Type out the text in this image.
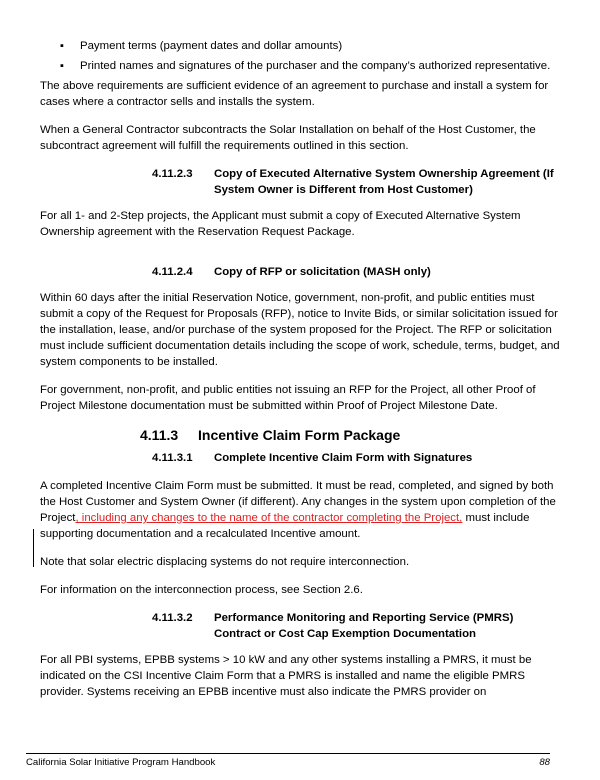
▪ Payment terms (payment dates and dollar amounts)
▪ Printed names and signatures of the purchaser and the company’s authorized representative.

The above requirements are sufficient evidence of an agreement to purchase and install a system for cases where a contractor sells and installs the system.

When a General Contractor subcontracts the Solar Installation on behalf of the Host Customer, the subcontract agreement will fulfill the requirements outlined in this section.

4.11.2.3	Copy of Executed Alternative System Ownership Agreement (If System Owner is Different from Host Customer)

For all 1- and 2-Step projects, the Applicant must submit a copy of Executed Alternative System Ownership agreement with the Reservation Request Package.

4.11.2.4	Copy of RFP or solicitation (MASH only)

Within 60 days after the initial Reservation Notice, government, non-profit, and public entities must submit a copy of the Request for Proposals (RFP), notice to Invite Bids, or similar solicitation issued for the installation, lease, and/or purchase of the system proposed for the Project. The RFP or solicitation must include sufficient documentation details including the scope of work, schedule, terms, budget, and system components to be installed.

For government, non-profit, and public entities not issuing an RFP for the Project, all other Proof of Project Milestone documentation must be submitted within Proof of Project Milestone Date.

4.11.3	Incentive Claim Form Package
4.11.3.1	Complete Incentive Claim Form with Signatures

A completed Incentive Claim Form must be submitted. It must be read, completed, and signed by both the Host Customer and System Owner (if different). Any changes in the system upon completion of the Project, including any changes to the name of the contractor completing the Project, must include supporting documentation and a recalculated Incentive amount.

Note that solar electric displacing systems do not require interconnection.

For information on the interconnection process, see Section 2.6.

4.11.3.2	Performance Monitoring and Reporting Service (PMRS) Contract or Cost Cap Exemption Documentation

For all PBI systems, EPBB systems > 10 kW and any other systems installing a PMRS, it must be indicated on the CSI Incentive Claim Form that a PMRS is installed and name the eligible PMRS provider. Systems receiving an EPBB incentive must also indicate the PMRS provider on

California Solar Initiative Program Handbook	88
